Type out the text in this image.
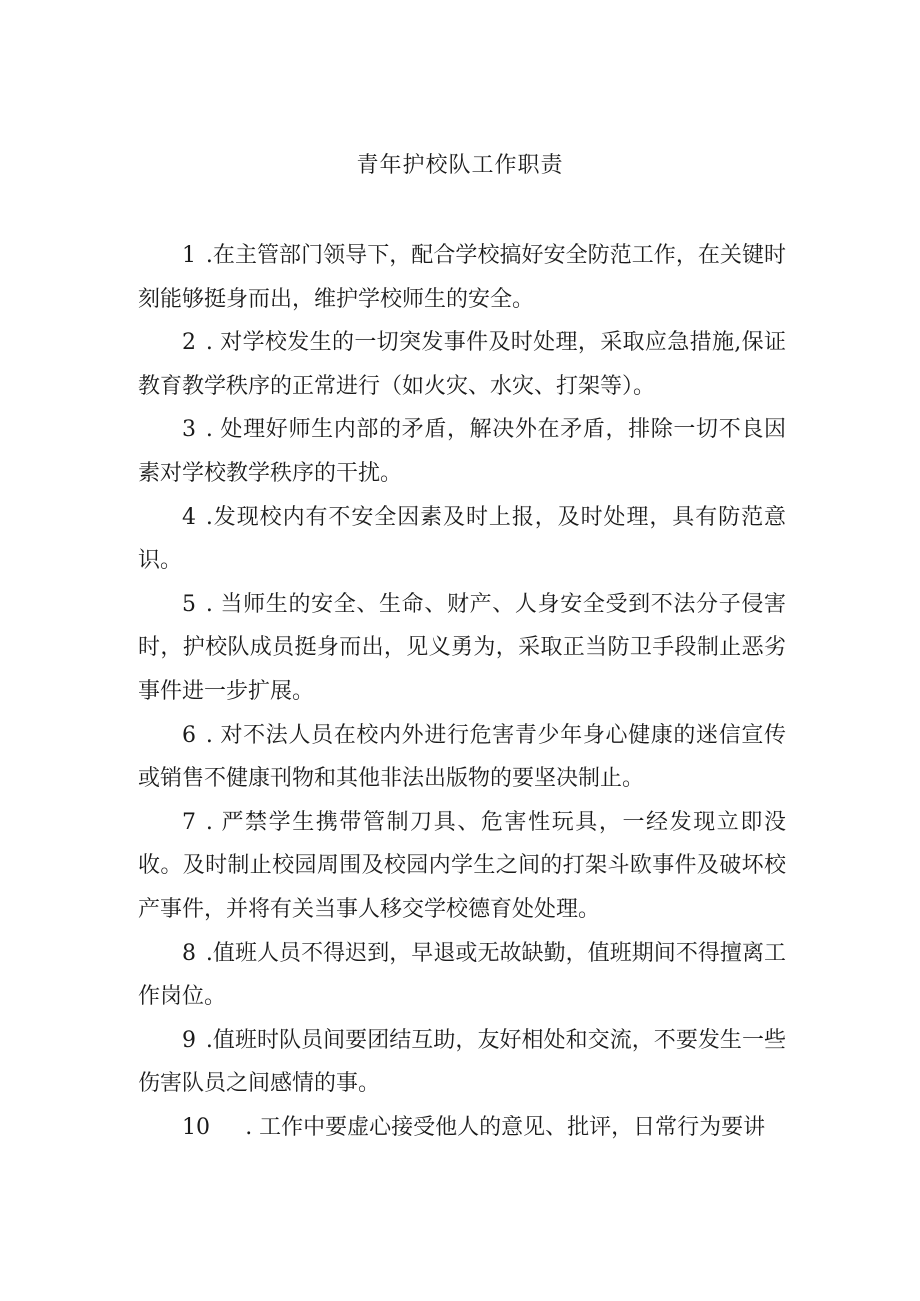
青年护校队工作职责

1 .在主管部门领导下，配合学校搞好安全防范工作，在关键时刻能够挺身而出，维护学校师生的安全。

2 . 对学校发生的一切突发事件及时处理，采取应急措施,保证教育教学秩序的正常进行（如火灾、水灾、打架等）。

3 . 处理好师生内部的矛盾，解决外在矛盾，排除一切不良因素对学校教学秩序的干扰。

4 .发现校内有不安全因素及时上报，及时处理，具有防范意识。

5 . 当师生的安全、生命、财产、人身安全受到不法分子侵害时，护校队成员挺身而出，见义勇为，采取正当防卫手段制止恶劣事件进一步扩展。

6 . 对不法人员在校内外进行危害青少年身心健康的迷信宣传或销售不健康刊物和其他非法出版物的要坚决制止。

7 . 严禁学生携带管制刀具、危害性玩具，一经发现立即没收。及时制止校园周围及校园内学生之间的打架斗欧事件及破坏校产事件，并将有关当事人移交学校德育处处理。

8 .值班人员不得迟到，早退或无故缺勤，值班期间不得擅离工作岗位。

9 .值班时队员间要团结互助，友好相处和交流，不要发生一些伤害队员之间感情的事。

10 . 工作中要虚心接受他人的意见、批评，日常行为要讲
